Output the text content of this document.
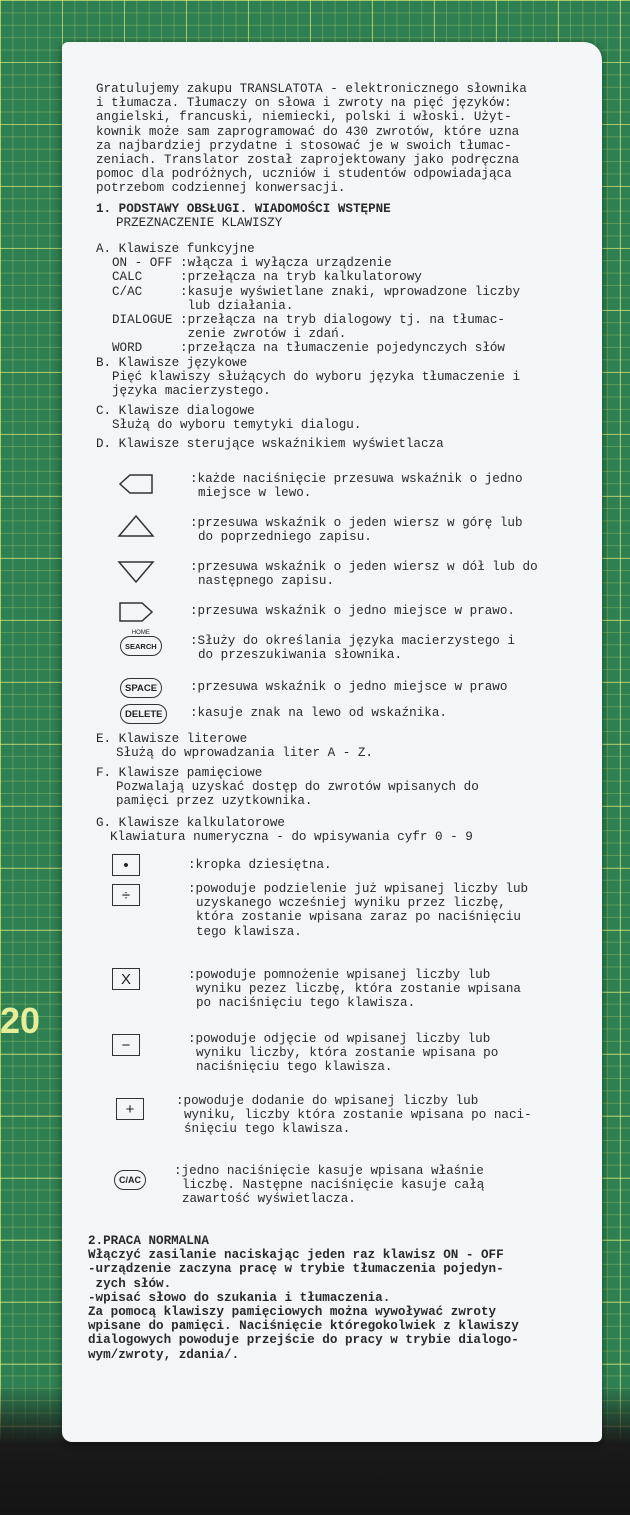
20
Gratulujemy zakupu TRANSLATOTA - elektronicznego słownika
i tłumacza. Tłumaczy on słowa i zwroty na pięć języków:
angielski, francuski, niemiecki, polski i włoski. Użyt-
kownik może sam zaprogramować do 430 zwrotów, które uzna
za najbardziej przydatne i stosować je w swoich tłumac-
zeniach. Translator został zaprojektowany jako podręczna
pomoc dla podróżnych, uczniów i studentów odpowiadająca
potrzebom codziennej konwersacji.
1. PODSTAWY OBSŁUGI. WIADOMOŚCI WSTĘPNE
PRZEZNACZENIE KLAWISZY
A. Klawisze funkcyjne
ON - OFF :włącza i wyłącza urządzenie
CALC     :przełącza na tryb kalkulatorowy
C/AC     :kasuje wyświetlane znaki, wprowadzone liczby
lub działania.
DIALOGUE :przełącza na tryb dialogowy tj. na tłumac-
zenie zwrotów i zdań.
WORD     :przełącza na tłumaczenie pojedynczych słów
B. Klawisze językowe
Pięć klawiszy służących do wyboru języka tłumaczenie i
języka macierzystego.
C. Klawisze dialogowe
Służą do wyboru temytyki dialogu.
D. Klawisze sterujące wskaźnikiem wyświetlacza
:każde naciśnięcie przesuwa wskaźnik o jedno
miejsce w lewo.
:przesuwa wskaźnik o jeden wiersz w górę lub
do poprzedniego zapisu.
:przesuwa wskaźnik o jeden wiersz w dół lub do
następnego zapisu.
:przesuwa wskaźnik o jedno miejsce w prawo.
HOME
SEARCH	:Służy do określania języka macierzystego i
do przeszukiwania słownika.
SPACE	:przesuwa wskaźnik o jedno miejsce w prawo
DELETE	:kasuje znak na lewo od wskaźnika.
E. Klawisze literowe
Służą do wprowadzania liter A - Z.
F. Klawisze pamięciowe
Pozwalają uzyskać dostęp do zwrotów wpisanych do
pamięci przez uzytkownika.
G. Klawisze kalkulatorowe
Klawiatura numeryczna - do wpisywania cyfr 0 - 9
•	:kropka dziesiętna.
÷	:powoduje podzielenie już wpisanej liczby lub
uzyskanego wcześniej wyniku przez liczbę,
która zostanie wpisana zaraz po naciśnięciu
tego klawisza.
X	:powoduje pomnożenie wpisanej liczby lub
wyniku pezez liczbę, która zostanie wpisana
po naciśnięciu tego klawisza.
−	:powoduje odjęcie od wpisanej liczby lub
wyniku liczby, która zostanie wpisana po
naciśnięciu tego klawisza.
+	:powoduje dodanie do wpisanej liczby lub
wyniku, liczby która zostanie wpisana po naci-
śnięciu tego klawisza.
C/AC
:jedno naciśnięcie kasuje wpisana właśnie
liczbę. Następne naciśnięcie kasuje całą
zawartość wyświetlacza.
2.PRACA NORMALNA
Włączyć zasilanie naciskając jeden raz klawisz ON - OFF
-urządzenie zaczyna pracę w trybie tłumaczenia pojedyn-
zych słów.
-wpisać słowo do szukania i tłumaczenia.
Za pomocą klawiszy pamięciowych można wywoływać zwroty
wpisane do pamięci. Naciśnięcie któregokolwiek z klawiszy
dialogowych powoduje przejście do pracy w trybie dialogo-
wym/zwroty, zdania/.
